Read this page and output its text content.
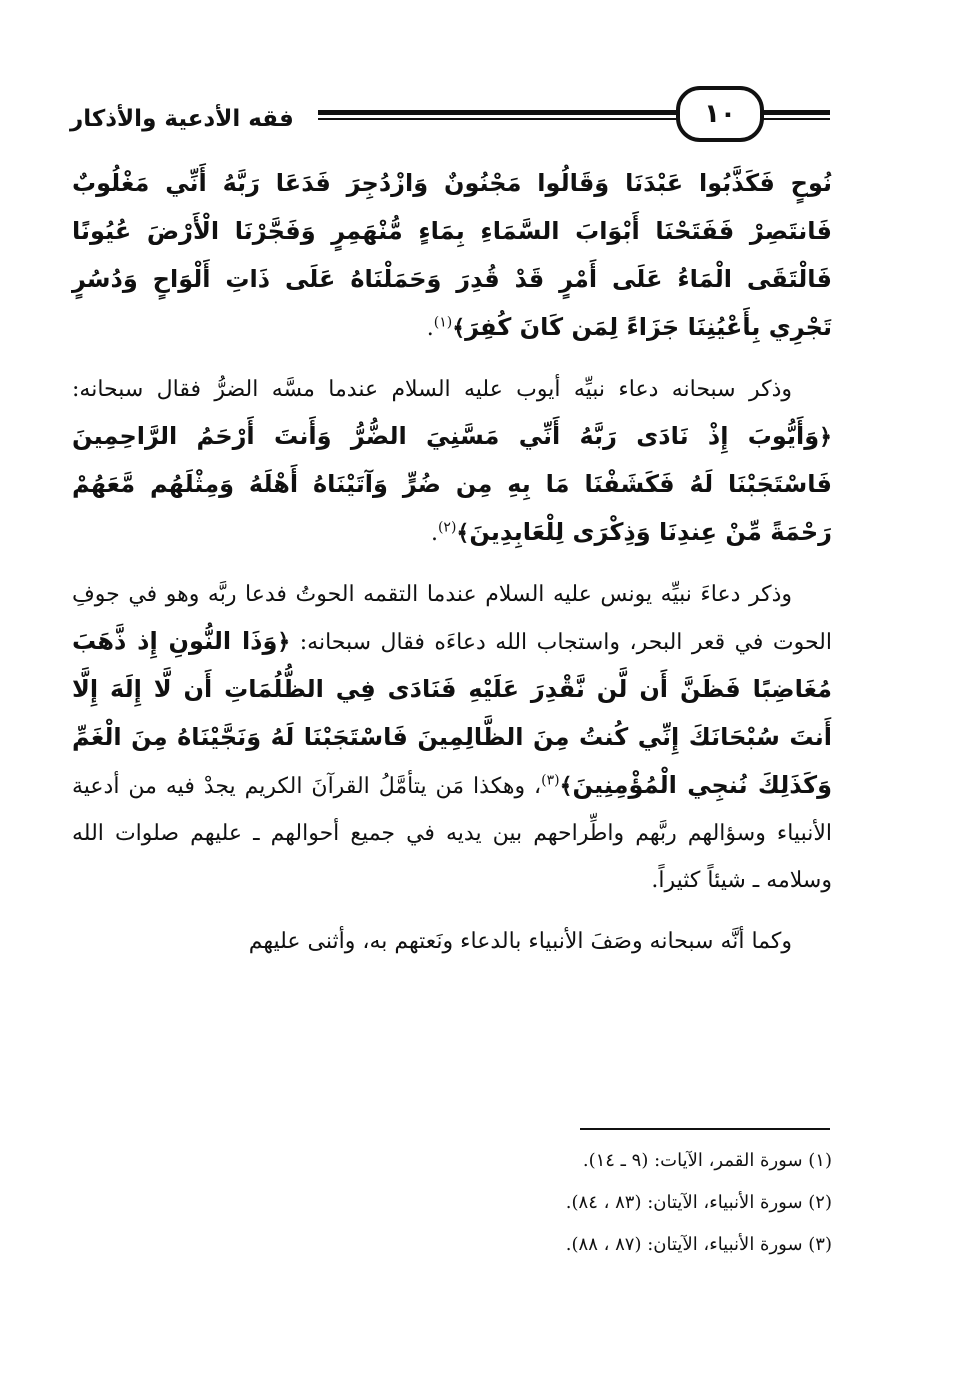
فقه الأدعية والأذكار	١٠

نُوحٍ فَكَذَّبُوا عَبْدَنَا وَقَالُوا مَجْنُونٌ وَازْدُجِرَ فَدَعَا رَبَّهُ أَنِّي مَغْلُوبٌ فَانتَصِرْ فَفَتَحْنَا أَبْوَابَ السَّمَاءِ بِمَاءٍ مُّنْهَمِرٍ وَفَجَّرْنَا الْأَرْضَ عُيُونًا فَالْتَقَى الْمَاءُ عَلَى أَمْرٍ قَدْ قُدِرَ وَحَمَلْنَاهُ عَلَى ذَاتِ أَلْوَاحٍ وَدُسُرٍ تَجْرِي بِأَعْيُنِنَا جَزَاءً لِمَن كَانَ كُفِرَ﴾$^{(١)}$.

وذكر سبحانه دعاء نبيِّه أيوب عليه السلام عندما مسَّه الضرُّ فقال سبحانه: ﴿وَأَيُّوبَ إِذْ نَادَى رَبَّهُ أَنِّي مَسَّنِيَ الضُّرُّ وَأَنتَ أَرْحَمُ الرَّاحِمِينَ فَاسْتَجَبْنَا لَهُ فَكَشَفْنَا مَا بِهِ مِن ضُرٍّ وَآتَيْنَاهُ أَهْلَهُ وَمِثْلَهُم مَّعَهُمْ رَحْمَةً مِّنْ عِندِنَا وَذِكْرَى لِلْعَابِدِينَ﴾$^{(٢)}$.

وذكر دعاءَ نبيِّه يونس عليه السلام عندما التقمه الحوتُ فدعا ربَّه وهو في جوفِ الحوت في قعر البحر، واستجاب الله دعاءَه فقال سبحانه: ﴿وَذَا النُّونِ إِذ ذَّهَبَ مُغَاضِبًا فَظَنَّ أَن لَّن نَّقْدِرَ عَلَيْهِ فَنَادَى فِي الظُّلُمَاتِ أَن لَّا إِلَهَ إِلَّا أَنتَ سُبْحَانَكَ إِنِّي كُنتُ مِنَ الظَّالِمِينَ فَاسْتَجَبْنَا لَهُ وَنَجَّيْنَاهُ مِنَ الْغَمِّ وَكَذَلِكَ نُنجِي الْمُؤْمِنِينَ﴾$^{(٣)}$، وهكذا مَن يتأمَّلُ القرآنَ الكريم يجدْ فيه من أدعية الأنبياء وسؤالهم ربَّهم واطِّراحهم بين يديه في جميع أحوالهم ـ عليهم صلوات الله وسلامه ـ شيئاً كثيراً.

وكما أنَّه سبحانه وصَفَ الأنبياء بالدعاء ونَعتهم به، وأثنى عليهم

(١) سورة القمر، الآيات: (٩ ـ ١٤).

(٢) سورة الأنبياء، الآيتان: (٨٣ ، ٨٤).

(٣) سورة الأنبياء، الآيتان: (٨٧ ، ٨٨).
